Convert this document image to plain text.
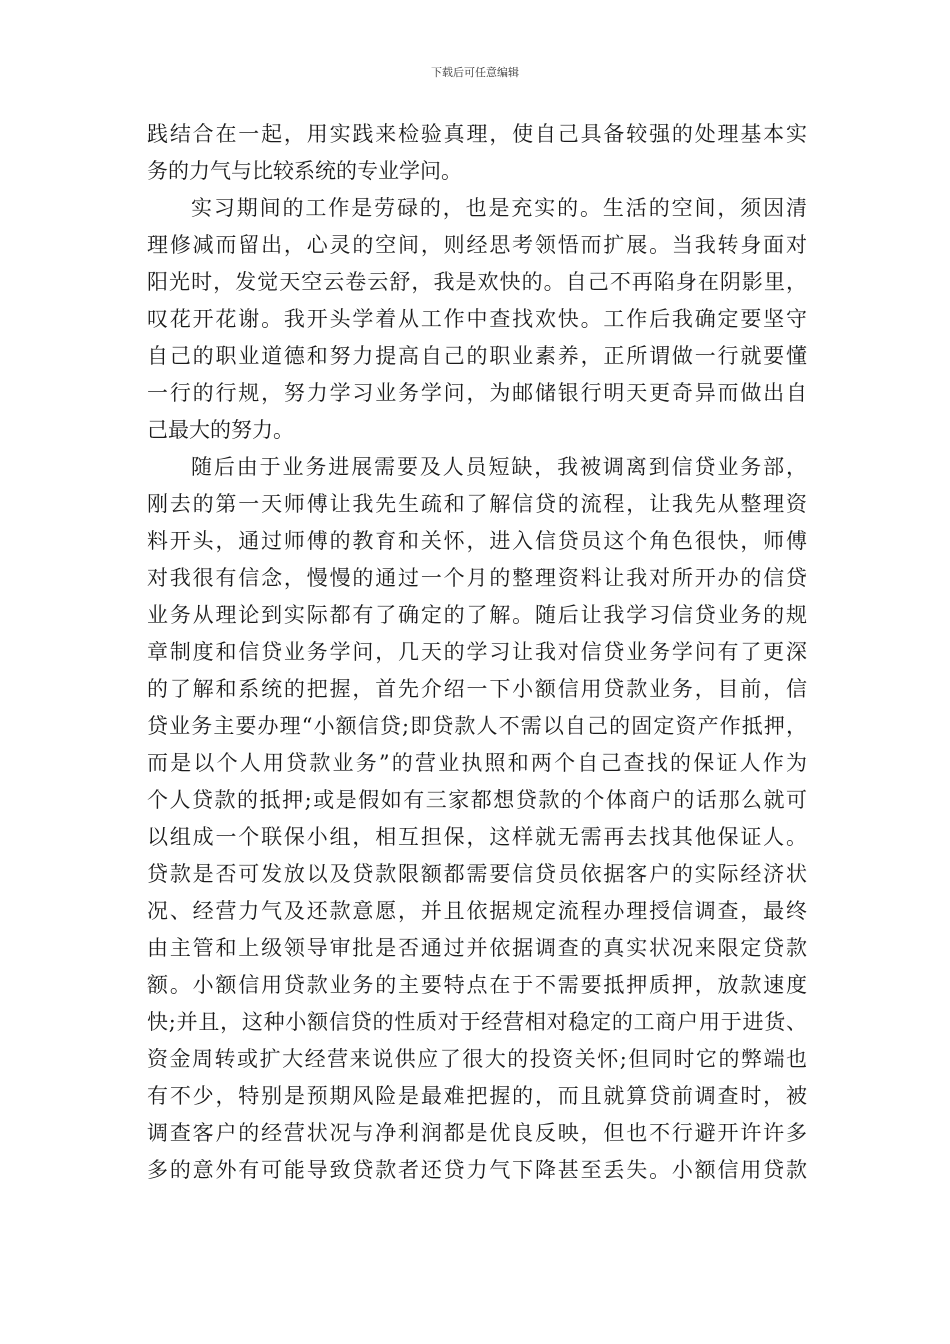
下载后可任意编辑
践结合在一起，用实践来检验真理，使自己具备较强的处理基本实
务的力气与比较系统的专业学问。
实习期间的工作是劳碌的，也是充实的。生活的空间，须因清
理修减而留出，心灵的空间，则经思考领悟而扩展。当我转身面对
阳光时，发觉天空云卷云舒，我是欢快的。自己不再陷身在阴影里，
叹花开花谢。我开头学着从工作中查找欢快。工作后我确定要坚守
自己的职业道德和努力提高自己的职业素养，正所谓做一行就要懂
一行的行规，努力学习业务学问，为邮储银行明天更奇异而做出自
己最大的努力。
随后由于业务进展需要及人员短缺，我被调离到信贷业务部，
刚去的第一天师傅让我先生疏和了解信贷的流程，让我先从整理资
料开头，通过师傅的教育和关怀，进入信贷员这个角色很快，师傅
对我很有信念，慢慢的通过一个月的整理资料让我对所开办的信贷
业务从理论到实际都有了确定的了解。随后让我学习信贷业务的规
章制度和信贷业务学问，几天的学习让我对信贷业务学问有了更深
的了解和系统的把握，首先介绍一下小额信用贷款业务，目前，信
贷业务主要办理“小额信贷;即贷款人不需以自己的固定资产作抵押，
而是以个人用贷款业务”的营业执照和两个自己查找的保证人作为
个人贷款的抵押;或是假如有三家都想贷款的个体商户的话那么就可
以组成一个联保小组，相互担保，这样就无需再去找其他保证人。
贷款是否可发放以及贷款限额都需要信贷员依据客户的实际经济状
况、经营力气及还款意愿，并且依据规定流程办理授信调查，最终
由主管和上级领导审批是否通过并依据调查的真实状况来限定贷款
额。小额信用贷款业务的主要特点在于不需要抵押质押，放款速度
快;并且，这种小额信贷的性质对于经营相对稳定的工商户用于进货、
资金周转或扩大经营来说供应了很大的投资关怀;但同时它的弊端也
有不少，特别是预期风险是最难把握的，而且就算贷前调查时，被
调查客户的经营状况与净利润都是优良反映，但也不行避开许许多
多的意外有可能导致贷款者还贷力气下降甚至丢失。小额信用贷款
